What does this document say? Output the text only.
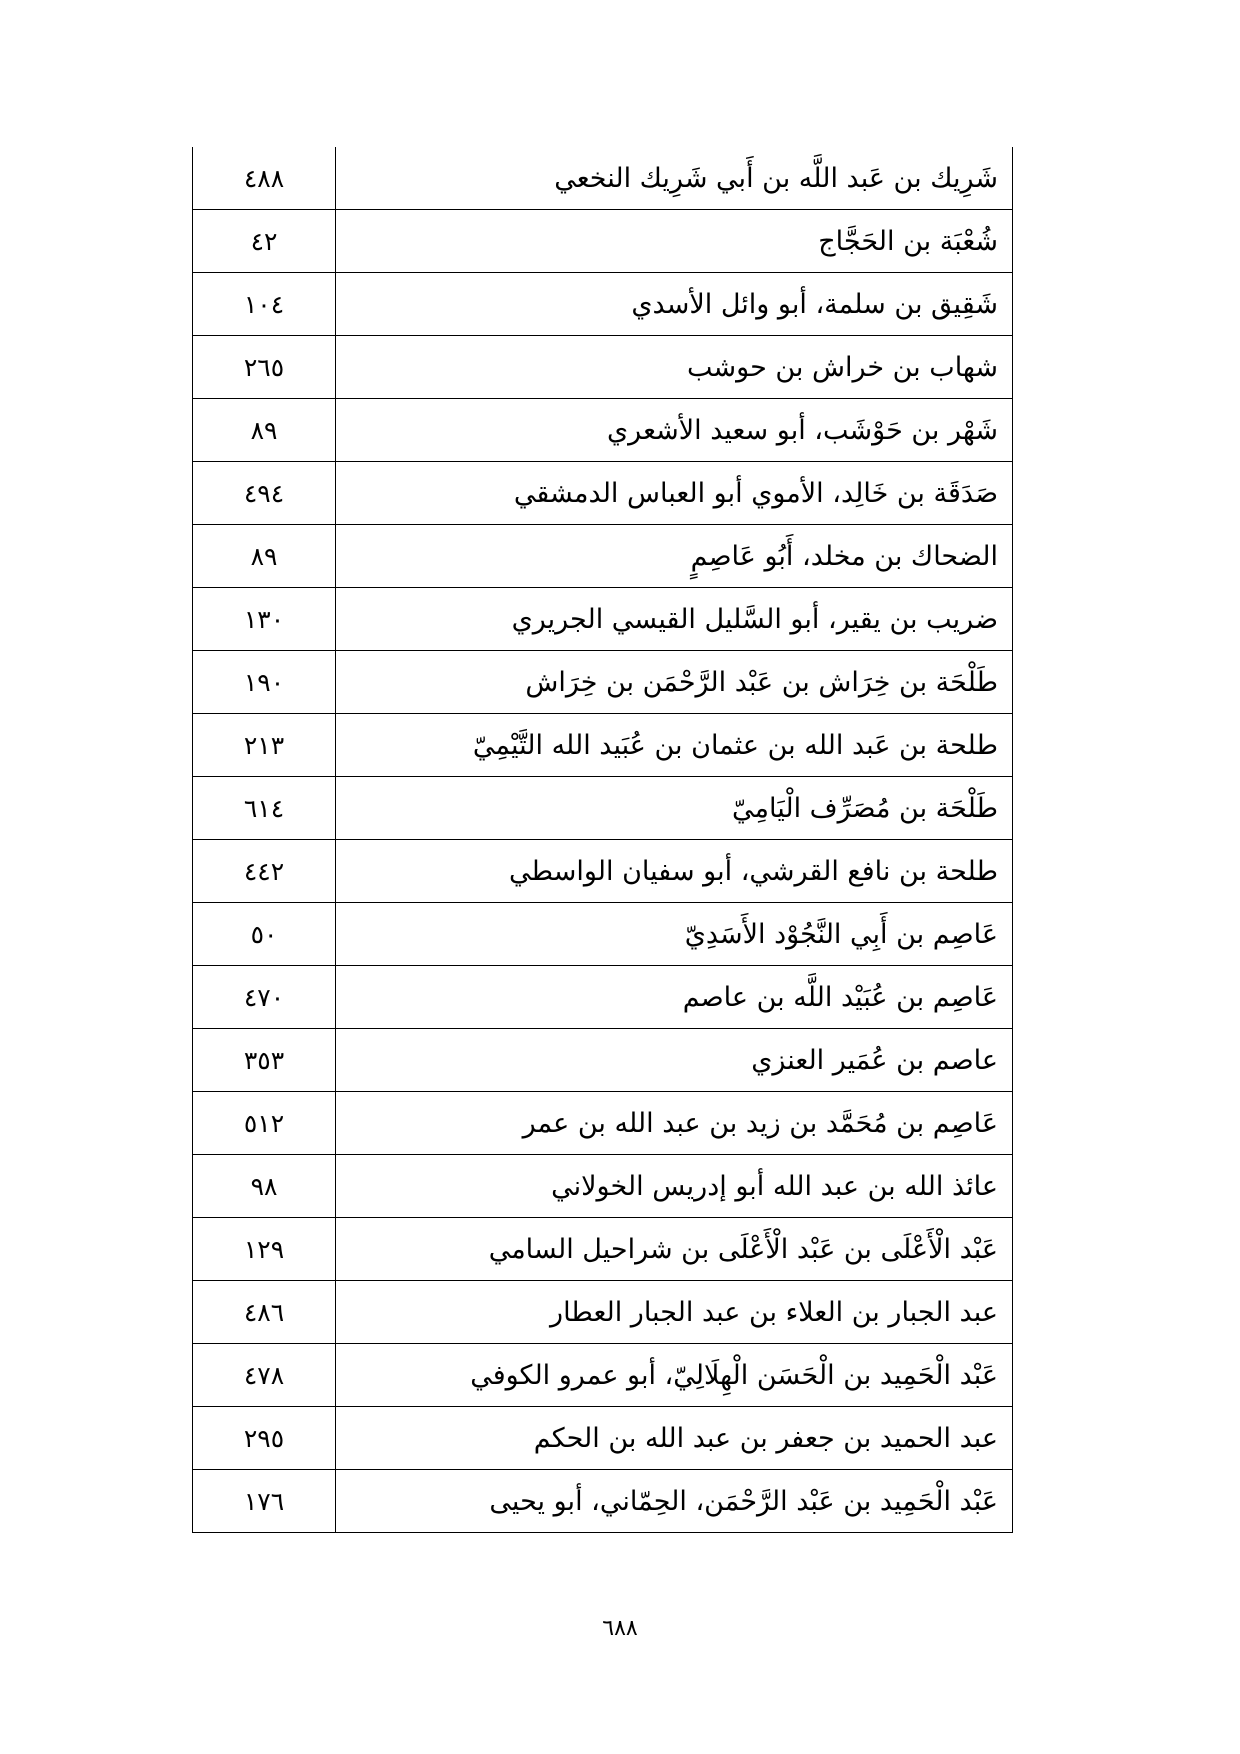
شَرِيك بن عَبد اللَّه بن أَبي شَرِيك النخعي	٤٨٨
شُعْبَة بن الحَجَّاج	٤٢
شَقِيق بن سلمة، أبو وائل الأسدي	١٠٤
شهاب بن خراش بن حوشب	٢٦٥
شَهْر بن حَوْشَب، أبو سعيد الأشعري	٨٩
صَدَقَة بن خَالِد، الأموي أبو العباس الدمشقي	٤٩٤
الضحاك بن مخلد، أَبُو عَاصِمٍ	٨٩
ضريب بن يقير، أبو السَّليل القيسي الجريري	١٣٠
طَلْحَة بن خِرَاش بن عَبْد الرَّحْمَن بن خِرَاش	١٩٠
طلحة بن عَبد الله بن عثمان بن عُبَيد الله التَّيْمِيّ	٢١٣
طَلْحَة بن مُصَرِّف الْيَامِيّ	٦١٤
طلحة بن نافع القرشي، أبو سفيان الواسطي	٤٤٢
عَاصِم بن أَبِي النَّجُوْد الأَسَدِيّ	٥٠
عَاصِم بن عُبَيْد اللَّه بن عاصم	٤٧٠
عاصم بن عُمَير العنزي	٣٥٣
عَاصِم بن مُحَمَّد بن زيد بن عبد الله بن عمر	٥١٢
عائذ الله بن عبد الله أبو إدريس الخولاني	٩٨
عَبْد الْأَعْلَى بن عَبْد الْأَعْلَى بن شراحيل السامي	١٢٩
عبد الجبار بن العلاء بن عبد الجبار العطار	٤٨٦
عَبْد الْحَمِيد بن الْحَسَن الْهِلَالِيّ، أبو عمرو الكوفي	٤٧٨
عبد الحميد بن جعفر بن عبد الله بن الحكم	٢٩٥
عَبْد الْحَمِيد بن عَبْد الرَّحْمَن، الحِمّاني، أبو يحيى	١٧٦
٦٨٨
